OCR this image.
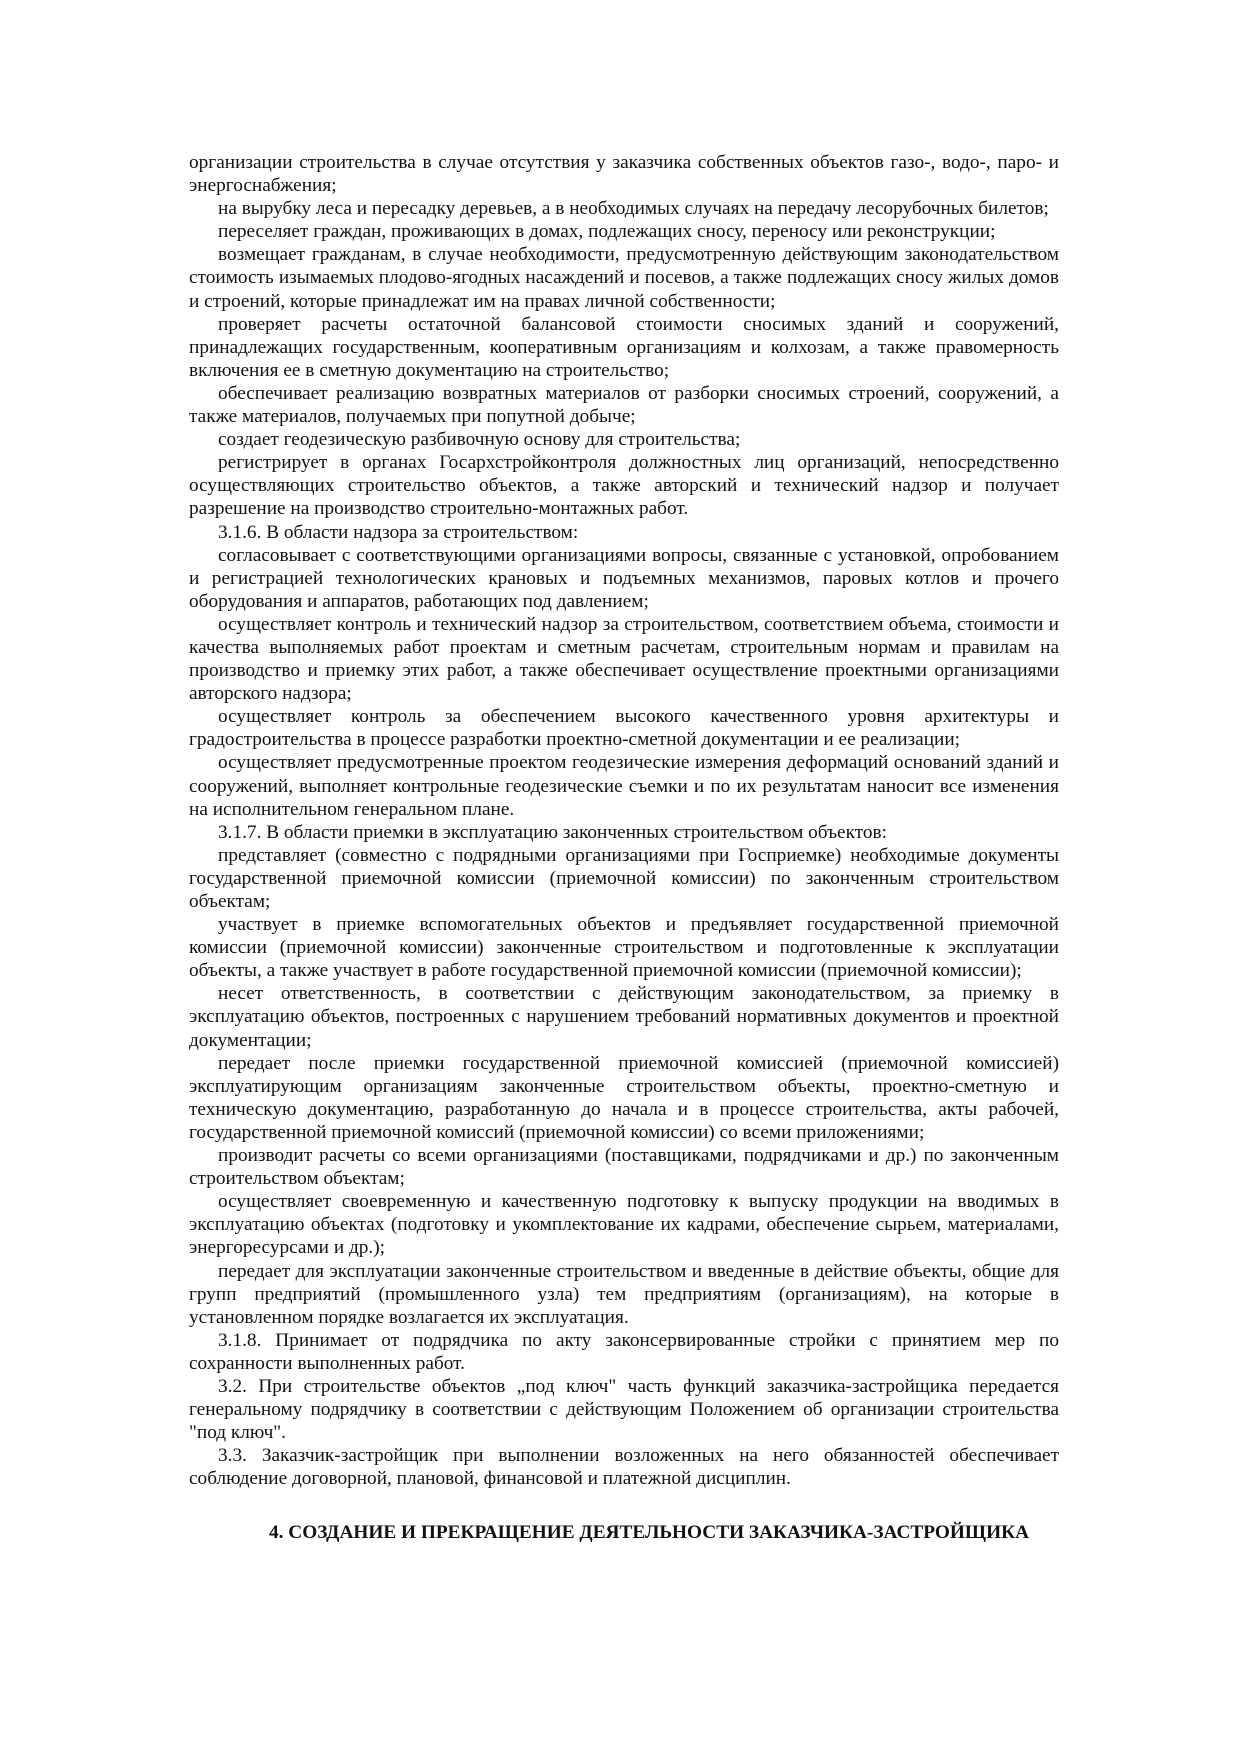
организации строительства в случае отсутствия у заказчика собственных объектов газо-, водо-, паро- и энергоснабжения;

на вырубку леса и пересадку деревьев, а в необходимых случаях на передачу лесорубочных билетов;

переселяет граждан, проживающих в домах, подлежащих сносу, переносу или реконструкции;

возмещает гражданам, в случае необходимости, предусмотренную действующим законодательством стоимость изымаемых плодово-ягодных насаждений и посевов, а также подлежащих сносу жилых домов и строений, которые принадлежат им на правах личной собственности;

проверяет расчеты остаточной балансовой стоимости сносимых зданий и сооружений, принадлежащих государственным, кооперативным организациям и колхозам, а также правомерность включения ее в сметную документацию на строительство;

обеспечивает реализацию возвратных материалов от разборки сносимых строений, сооружений, а также материалов, получаемых при попутной добыче;

создает геодезическую разбивочную основу для строительства;

регистрирует в органах Госархстройконтроля должностных лиц организаций, непосредственно осуществляющих строительство объектов, а также авторский и технический надзор и получает разрешение на производство строительно-монтажных работ.

3.1.6. В области надзора за строительством:

согласовывает с соответствующими организациями вопросы, связанные с установкой, опробованием и регистрацией технологических крановых и подъемных механизмов, паровых котлов и прочего оборудования и аппаратов, работающих под давлением;

осуществляет контроль и технический надзор за строительством, соответствием объема, стоимости и качества выполняемых работ проектам и сметным расчетам, строительным нормам и правилам на производство и приемку этих работ, а также обеспечивает осуществление проектными организациями авторского надзора;

осуществляет контроль за обеспечением высокого качественного уровня архитектуры и градостроительства в процессе разработки проектно-сметной документации и ее реализации;

осуществляет предусмотренные проектом геодезические измерения деформаций оснований зданий и сооружений, выполняет контрольные геодезические съемки и по их результатам наносит все изменения на исполнительном генеральном плане.

3.1.7. В области приемки в эксплуатацию законченных строительством объектов:

представляет (совместно с подрядными организациями при Госприемке) необходимые документы государственной приемочной комиссии (приемочной комиссии) по законченным строительством объектам;

участвует в приемке вспомогательных объектов и предъявляет государственной приемочной комиссии (приемочной комиссии) законченные строительством и подготовленные к эксплуатации объекты, а также участвует в работе государственной приемочной комиссии (приемочной комиссии);

несет ответственность, в соответствии с действующим законодательством, за приемку в эксплуатацию объектов, построенных с нарушением требований нормативных документов и проектной документации;

передает после приемки государственной приемочной комиссией (приемочной комиссией) эксплуатирующим организациям законченные строительством объекты, проектно-сметную и техническую документацию, разработанную до начала и в процессе строительства, акты рабочей, государственной приемочной комиссий (приемочной комиссии) со всеми приложениями;

производит расчеты со всеми организациями (поставщиками, подрядчиками и др.) по законченным строительством объектам;

осуществляет своевременную и качественную подготовку к выпуску продукции на вводимых в эксплуатацию объектах (подготовку и укомплектование их кадрами, обеспечение сырьем, материалами, энергоресурсами и др.);

передает для эксплуатации законченные строительством и введенные в действие объекты, общие для групп предприятий (промышленного узла) тем предприятиям (организациям), на которые в установленном порядке возлагается их эксплуатация.

3.1.8. Принимает от подрядчика по акту законсервированные стройки с принятием мер по сохранности выполненных работ.

3.2. При строительстве объектов „под ключ" часть функций заказчика-застройщика передается генеральному подрядчику в соответствии с действующим Положением об организации строительства "под ключ".

3.3. Заказчик-застройщик при выполнении возложенных на него обязанностей обеспечивает соблюдение договорной, плановой, финансовой и платежной дисциплин.

4. СОЗДАНИЕ И ПРЕКРАЩЕНИЕ ДЕЯТЕЛЬНОСТИ ЗАКАЗЧИКА-ЗАСТРОЙЩИКА
